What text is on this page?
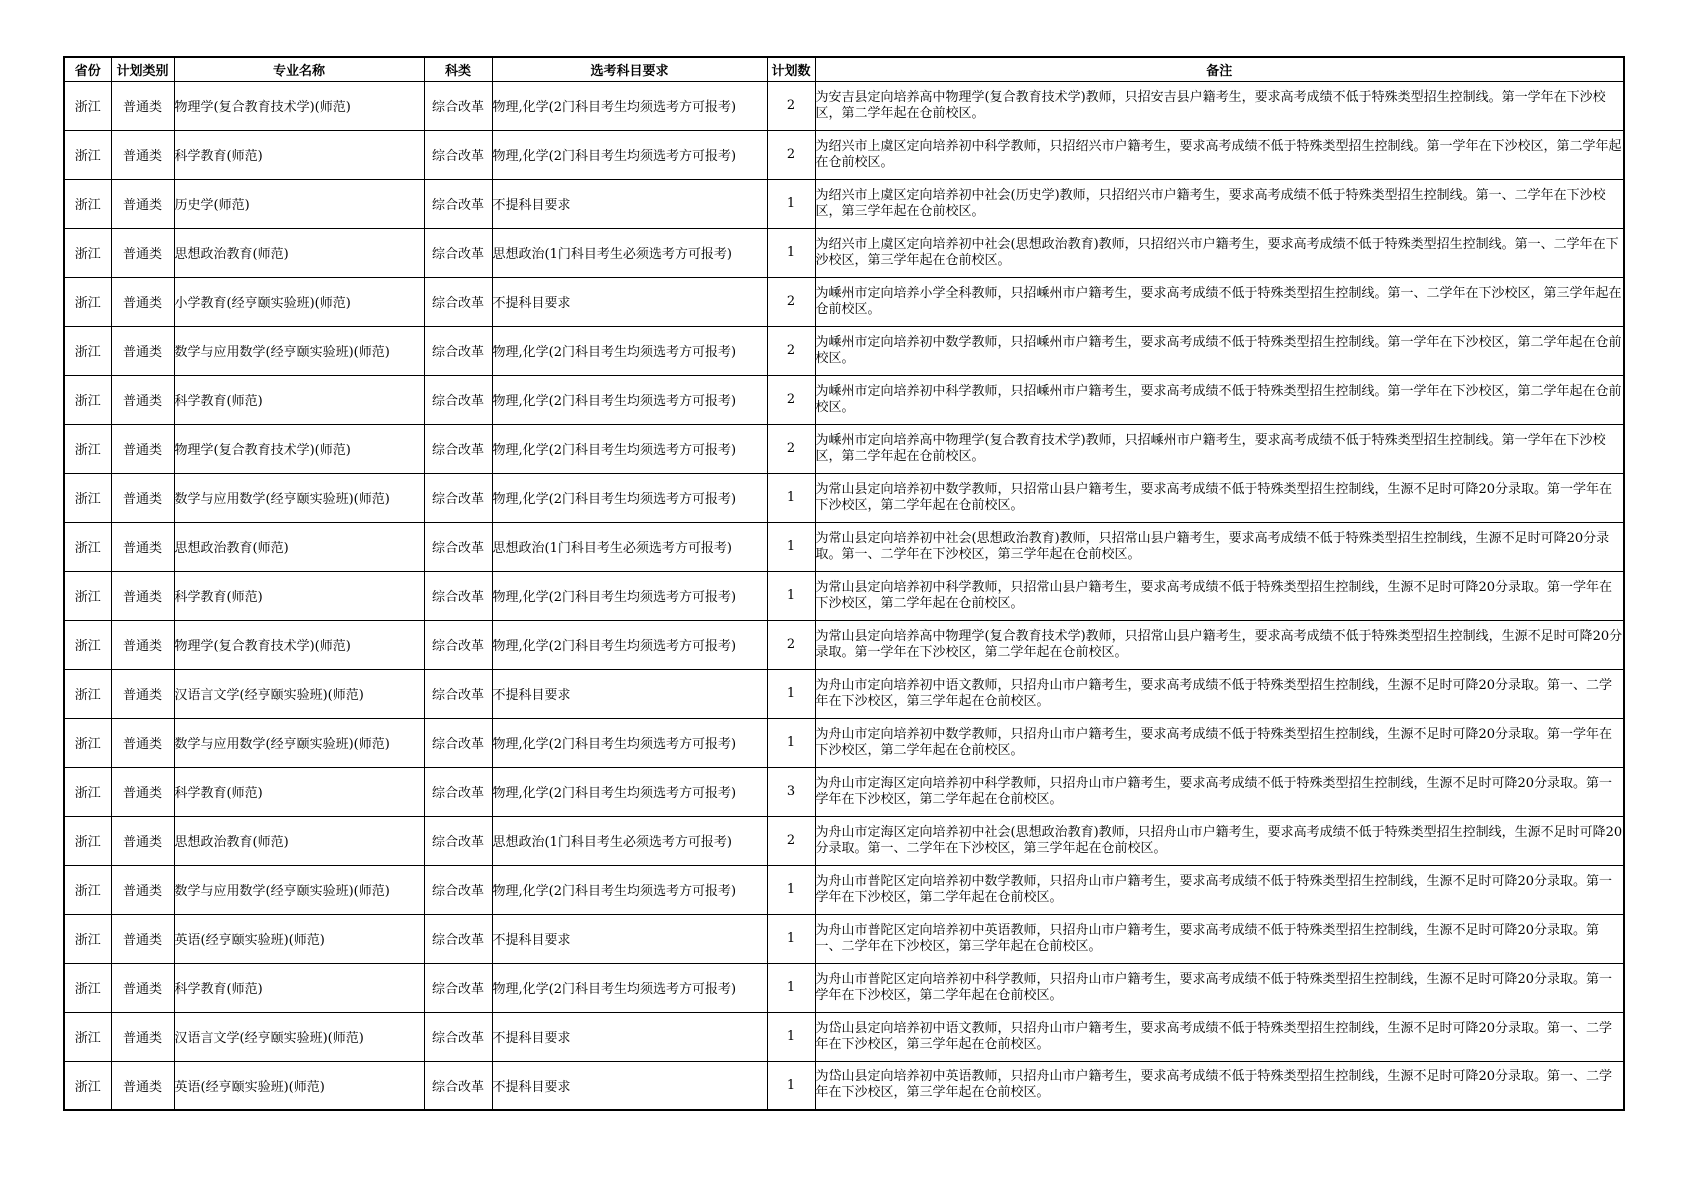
省份	计划类别	专业名称	科类	选考科目要求	计划数	备注
浙江	普通类	物理学(复合教育技术学)(师范)	综合改革	物理,化学(2门科目考生均须选考方可报考)	2	为安吉县定向培养高中物理学(复合教育技术学)教师，只招安吉县户籍考生，要求高考成绩不低于特殊类型招生控制线。第一学年在下沙校区，第二学年起在仓前校区。
浙江	普通类	科学教育(师范)	综合改革	物理,化学(2门科目考生均须选考方可报考)	2	为绍兴市上虞区定向培养初中科学教师，只招绍兴市户籍考生，要求高考成绩不低于特殊类型招生控制线。第一学年在下沙校区，第二学年起在仓前校区。
浙江	普通类	历史学(师范)	综合改革	不提科目要求	1	为绍兴市上虞区定向培养初中社会(历史学)教师，只招绍兴市户籍考生，要求高考成绩不低于特殊类型招生控制线。第一、二学年在下沙校区，第三学年起在仓前校区。
浙江	普通类	思想政治教育(师范)	综合改革	思想政治(1门科目考生必须选考方可报考)	1	为绍兴市上虞区定向培养初中社会(思想政治教育)教师，只招绍兴市户籍考生，要求高考成绩不低于特殊类型招生控制线。第一、二学年在下沙校区，第三学年起在仓前校区。
浙江	普通类	小学教育(经亨颐实验班)(师范)	综合改革	不提科目要求	2	为嵊州市定向培养小学全科教师，只招嵊州市户籍考生，要求高考成绩不低于特殊类型招生控制线。第一、二学年在下沙校区，第三学年起在仓前校区。
浙江	普通类	数学与应用数学(经亨颐实验班)(师范)	综合改革	物理,化学(2门科目考生均须选考方可报考)	2	为嵊州市定向培养初中数学教师，只招嵊州市户籍考生，要求高考成绩不低于特殊类型招生控制线。第一学年在下沙校区，第二学年起在仓前校区。
浙江	普通类	科学教育(师范)	综合改革	物理,化学(2门科目考生均须选考方可报考)	2	为嵊州市定向培养初中科学教师，只招嵊州市户籍考生，要求高考成绩不低于特殊类型招生控制线。第一学年在下沙校区，第二学年起在仓前校区。
浙江	普通类	物理学(复合教育技术学)(师范)	综合改革	物理,化学(2门科目考生均须选考方可报考)	2	为嵊州市定向培养高中物理学(复合教育技术学)教师，只招嵊州市户籍考生，要求高考成绩不低于特殊类型招生控制线。第一学年在下沙校区，第二学年起在仓前校区。
浙江	普通类	数学与应用数学(经亨颐实验班)(师范)	综合改革	物理,化学(2门科目考生均须选考方可报考)	1	为常山县定向培养初中数学教师，只招常山县户籍考生，要求高考成绩不低于特殊类型招生控制线，生源不足时可降20分录取。第一学年在下沙校区，第二学年起在仓前校区。
浙江	普通类	思想政治教育(师范)	综合改革	思想政治(1门科目考生必须选考方可报考)	1	为常山县定向培养初中社会(思想政治教育)教师，只招常山县户籍考生，要求高考成绩不低于特殊类型招生控制线，生源不足时可降20分录取。第一、二学年在下沙校区，第三学年起在仓前校区。
浙江	普通类	科学教育(师范)	综合改革	物理,化学(2门科目考生均须选考方可报考)	1	为常山县定向培养初中科学教师，只招常山县户籍考生，要求高考成绩不低于特殊类型招生控制线，生源不足时可降20分录取。第一学年在下沙校区，第二学年起在仓前校区。
浙江	普通类	物理学(复合教育技术学)(师范)	综合改革	物理,化学(2门科目考生均须选考方可报考)	2	为常山县定向培养高中物理学(复合教育技术学)教师，只招常山县户籍考生，要求高考成绩不低于特殊类型招生控制线，生源不足时可降20分录取。第一学年在下沙校区，第二学年起在仓前校区。
浙江	普通类	汉语言文学(经亨颐实验班)(师范)	综合改革	不提科目要求	1	为舟山市定向培养初中语文教师，只招舟山市户籍考生，要求高考成绩不低于特殊类型招生控制线，生源不足时可降20分录取。第一、二学年在下沙校区，第三学年起在仓前校区。
浙江	普通类	数学与应用数学(经亨颐实验班)(师范)	综合改革	物理,化学(2门科目考生均须选考方可报考)	1	为舟山市定向培养初中数学教师，只招舟山市户籍考生，要求高考成绩不低于特殊类型招生控制线，生源不足时可降20分录取。第一学年在下沙校区，第二学年起在仓前校区。
浙江	普通类	科学教育(师范)	综合改革	物理,化学(2门科目考生均须选考方可报考)	3	为舟山市定海区定向培养初中科学教师，只招舟山市户籍考生，要求高考成绩不低于特殊类型招生控制线，生源不足时可降20分录取。第一学年在下沙校区，第二学年起在仓前校区。
浙江	普通类	思想政治教育(师范)	综合改革	思想政治(1门科目考生必须选考方可报考)	2	为舟山市定海区定向培养初中社会(思想政治教育)教师，只招舟山市户籍考生，要求高考成绩不低于特殊类型招生控制线，生源不足时可降20分录取。第一、二学年在下沙校区，第三学年起在仓前校区。
浙江	普通类	数学与应用数学(经亨颐实验班)(师范)	综合改革	物理,化学(2门科目考生均须选考方可报考)	1	为舟山市普陀区定向培养初中数学教师，只招舟山市户籍考生，要求高考成绩不低于特殊类型招生控制线，生源不足时可降20分录取。第一学年在下沙校区，第二学年起在仓前校区。
浙江	普通类	英语(经亨颐实验班)(师范)	综合改革	不提科目要求	1	为舟山市普陀区定向培养初中英语教师，只招舟山市户籍考生，要求高考成绩不低于特殊类型招生控制线，生源不足时可降20分录取。第一、二学年在下沙校区，第三学年起在仓前校区。
浙江	普通类	科学教育(师范)	综合改革	物理,化学(2门科目考生均须选考方可报考)	1	为舟山市普陀区定向培养初中科学教师，只招舟山市户籍考生，要求高考成绩不低于特殊类型招生控制线，生源不足时可降20分录取。第一学年在下沙校区，第二学年起在仓前校区。
浙江	普通类	汉语言文学(经亨颐实验班)(师范)	综合改革	不提科目要求	1	为岱山县定向培养初中语文教师，只招舟山市户籍考生，要求高考成绩不低于特殊类型招生控制线，生源不足时可降20分录取。第一、二学年在下沙校区，第三学年起在仓前校区。
浙江	普通类	英语(经亨颐实验班)(师范)	综合改革	不提科目要求	1	为岱山县定向培养初中英语教师，只招舟山市户籍考生，要求高考成绩不低于特殊类型招生控制线，生源不足时可降20分录取。第一、二学年在下沙校区，第三学年起在仓前校区。
